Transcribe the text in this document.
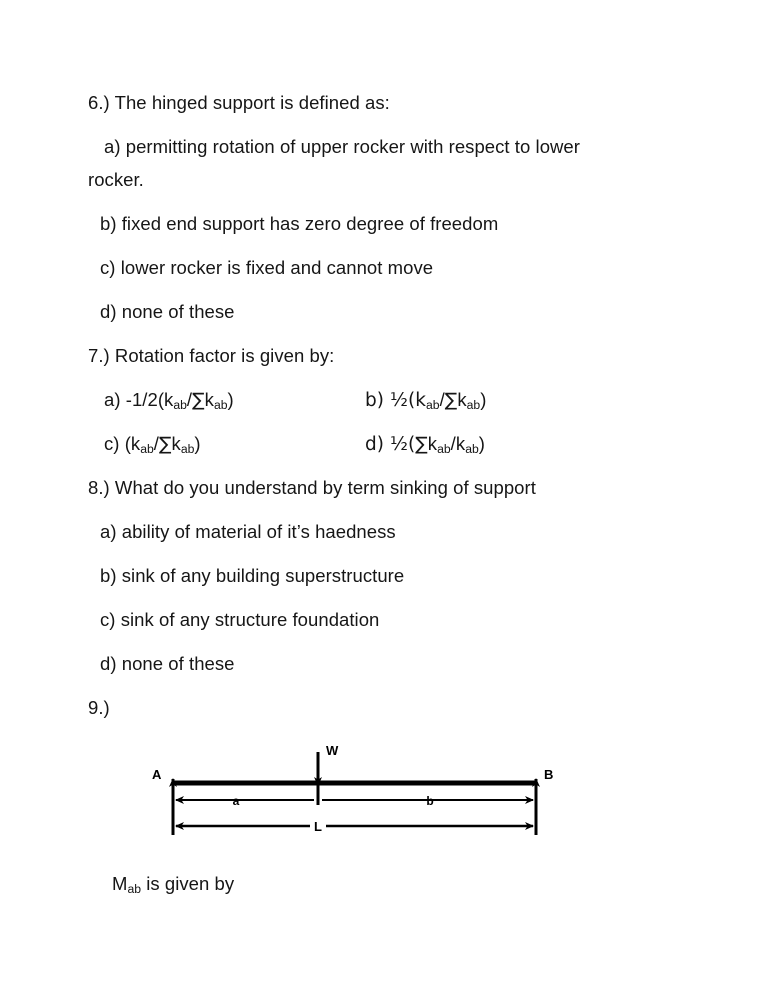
6.) The hinged support is defined as:
a) permitting rotation of upper rocker with respect to lower
rocker.
b) fixed end support has zero degree of freedom
c) lower rocker is fixed and cannot move
d) none of these
7.) Rotation factor is given by:
a) $-1/2(k_{ab}/\sum k_{ab})$	b) $\frac{1}{2}(k_{ab}/\sum k_{ab})$
c) $(k_{ab}/\sum k_{ab})$	d) $\frac{1}{2}(\sum k_{ab}/k_{ab})$
8.) What do you understand by term sinking of support
a) ability of material of it’s haedness
b) sink of any building superstructure
c) sink of any structure foundation
d) none of these
9.)
A	B
W
a	b
L
$M_{ab}$ is given by
